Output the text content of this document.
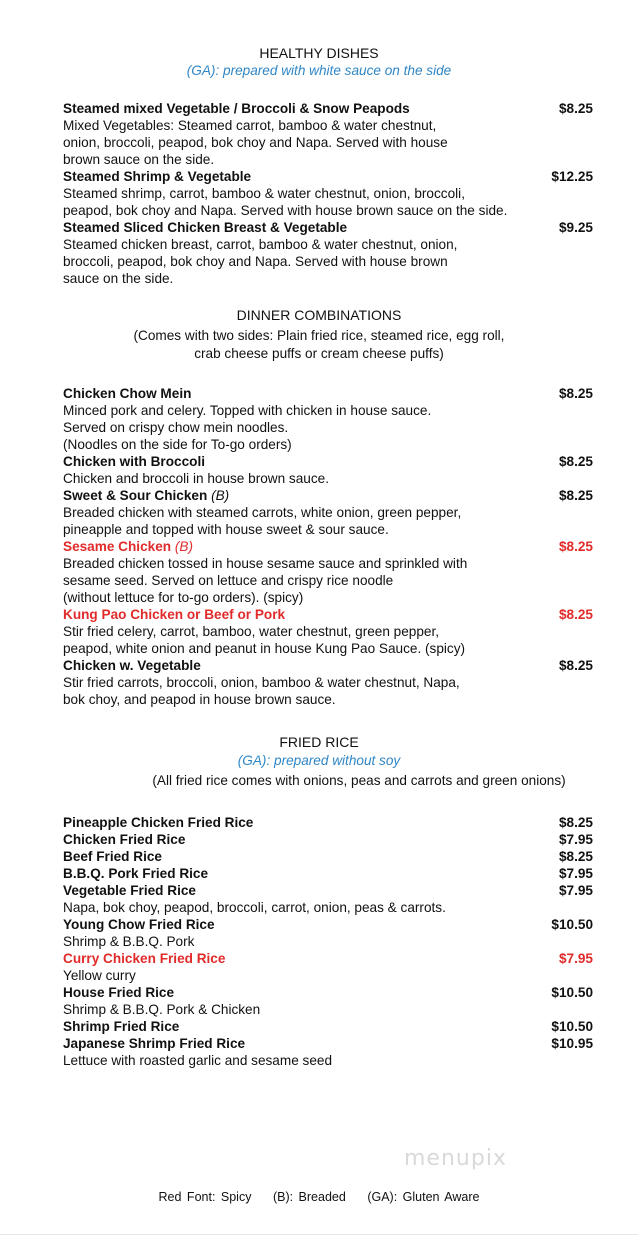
HEALTHY DISHES
(GA): prepared with white sauce on the side
Steamed mixed Vegetable / Broccoli & Snow Peapods	$8.25
Mixed Vegetables: Steamed carrot, bamboo & water chestnut,
onion, broccoli, peapod, bok choy and Napa. Served with house
brown sauce on the side.
Steamed Shrimp & Vegetable	$12.25
Steamed shrimp, carrot, bamboo & water chestnut, onion, broccoli,
peapod, bok choy and Napa. Served with house brown sauce on the side.
Steamed Sliced Chicken Breast & Vegetable	$9.25
Steamed chicken breast, carrot, bamboo & water chestnut, onion,
broccoli, peapod, bok choy and Napa. Served with house brown
sauce on the side.
DINNER COMBINATIONS
(Comes with two sides: Plain fried rice, steamed rice, egg roll,
crab cheese puffs or cream cheese puffs)
Chicken Chow Mein	$8.25
Minced pork and celery. Topped with chicken in house sauce.
Served on crispy chow mein noodles.
(Noodles on the side for To-go orders)
Chicken with Broccoli	$8.25
Chicken and broccoli in house brown sauce.
Sweet & Sour Chicken (B)	$8.25
Breaded chicken with steamed carrots, white onion, green pepper,
pineapple and topped with house sweet & sour sauce.
Sesame Chicken (B)	$8.25
Breaded chicken tossed in house sesame sauce and sprinkled with
sesame seed. Served on lettuce and crispy rice noodle
(without lettuce for to-go orders). (spicy)
Kung Pao Chicken or Beef or Pork	$8.25
Stir fried celery, carrot, bamboo, water chestnut, green pepper,
peapod, white onion and peanut in house Kung Pao Sauce. (spicy)
Chicken w. Vegetable	$8.25
Stir fried carrots, broccoli, onion, bamboo & water chestnut, Napa,
bok choy, and peapod in house brown sauce.
FRIED RICE
(GA): prepared without soy
(All fried rice comes with onions, peas and carrots and green onions)
Pineapple Chicken Fried Rice	$8.25
Chicken Fried Rice	$7.95
Beef Fried Rice	$8.25
B.B.Q. Pork Fried Rice	$7.95
Vegetable Fried Rice	$7.95
Napa, bok choy, peapod, broccoli, carrot, onion, peas & carrots.
Young Chow Fried Rice	$10.50
Shrimp & B.B.Q. Pork
Curry Chicken Fried Rice	$7.95
Yellow curry
House Fried Rice	$10.50
Shrimp & B.B.Q. Pork & Chicken
Shrimp Fried Rice	$10.50
Japanese Shrimp Fried Rice	$10.95
Lettuce with roasted garlic and sesame seed
menupix
Red Font: Spicy (B): Breaded (GA): Gluten Aware
